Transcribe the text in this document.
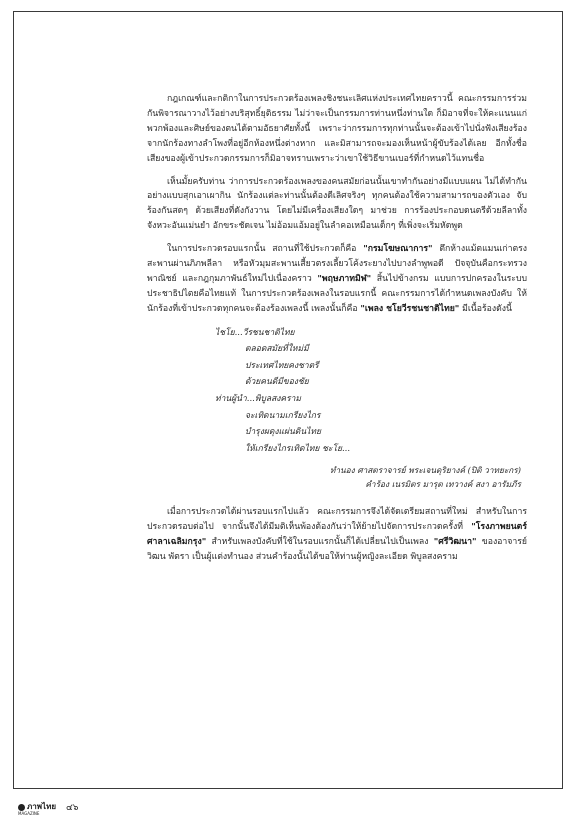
กฎเกณฑ์และกติกาในการประกวดร้องเพลงชิงชนะเลิศแห่งประเทศไทยคราวนี้ คณะกรรมการร่วมกันพิจารณาวางไว้อย่างบริสุทธิ์ยุติธรรม ไม่ว่าจะเป็นกรรมการท่านหนึ่งท่านใด ก็มิอาจที่จะให้คะแนนแก่พวกพ้องและศิษย์ของตนได้ตามอัธยาศัยทั้งนี้ เพราะว่ากรรมการทุกท่านนั้นจะต้องเข้าไปนั่งฟังเสียงร้องจากนักร้องทางลำโพงที่อยู่อีกห้องหนึ่งต่างหาก และมิสามารถจะมองเห็นหน้าผู้ขับร้องได้เลย อีกทั้งชื่อเสียงของผู้เข้าประกวดกรรมการก็มิอาจทราบเพราะว่าเขาใช้วิธีขานเบอร์ที่กำหนดไว้แทนชื่อ

เห็นมั้ยครับท่าน ว่าการประกวดร้องเพลงของคนสมัยก่อนนั้นเขาทำกันอย่างมีแบบแผน ไม่ได้ทำกันอย่างแบบสุกเอาเผากิน นักร้องแต่ละท่านนั้นต้องดีเลิศจริงๆ ทุกคนต้องใช้ความสามารถของตัวเอง จับร้องกันสดๆ ด้วยเสียงที่ดังกังวาน โดยไม่มีเครื่องเสียงใดๆ มาช่วย การร้องประกอบดนตรีด้วยลีลาทั้งจังหวะอันแม่นยำ อักขระชัดเจน ไม่อ้อมแอ้มอยู่ในลำคอเหมือนเด็กๆ ที่เพิ่งจะเริ่มหัดพูด

ในการประกวดรอบแรกนั้น สถานที่ใช้ประกวดก็คือ "กรมโฆษณาการ" ตึกห้างแม้ตแมนเก่าตรงสะพานผ่านภิภพลีลา หรือหัวมุมสะพานเสี้ยวตรงเลี้ยวโค้งระยางไปบางลำพูพอดี ปัจจุบันคือกระทรวงพาณิชย์ และกฎกุมภาพันธ์ใหม่ไปเนื่องคราว "พฤษภาทมิฬ" สิ้นไปข้างกรม แบบการปกครองในระบบประชาธิปไตยคือไทยแท้ ในการประกวดร้องเพลงในรอบแรกนี้ คณะกรรมการได้กำหนดเพลงบังคับ ให้นักร้องที่เข้าประกวดทุกคนจะต้องร้องเพลงนี้ เพลงนั้นก็คือ "เพลง ชโยวีรชนชาติไทย" มีเนื้อร้องดังนี้

ไชโย...วีรชนชาติไทย
ตลอดสมัยที่ใหม่มี
ประเทศไทยคงชาตรี
ด้วยคนดีมีของชัย
ท่านผู้นำ...พิบูลสงคราม
จะเทิดนามเกรียงไกร
บำรุงผดุงแผ่นดินไทย
ให้เกรียงไกรเทิดไทย ชะโย...
ทำนอง ศาสตราจารย์ พระเจนดุริยางค์ (ปิติ วาทยะกร)
คำร้อง เนรมิตร มารุต เทวางค์ สงา อารัมภีร

เมื่อการประกวดได้ผ่านรอบแรกไปแล้ว คณะกรรมการจึงได้จัดเตรียมสถานที่ใหม่ สำหรับในการประกวดรอบต่อไป จากนั้นจึงได้มีมติเห็นพ้องต้องกันว่าให้ย้ายไปจัดการประกวดครั้งที่ "โรงภาพยนตร์ศาลาเฉลิมกรุง" สำหรับเพลงบังคับที่ใช้ในรอบแรกนั้นก็ได้เปลี่ยนไปเป็นเพลง "ศรีวิฒนา" ของอาจารย์วิฒน พัตรา เป็นผู้แต่งทำนอง ส่วนคำร้องนั้นได้ขอให้ท่านผู้หญิงละเอียด พิบูลสงคราม

ภาพไทย
MAGAZINE
๔๖
